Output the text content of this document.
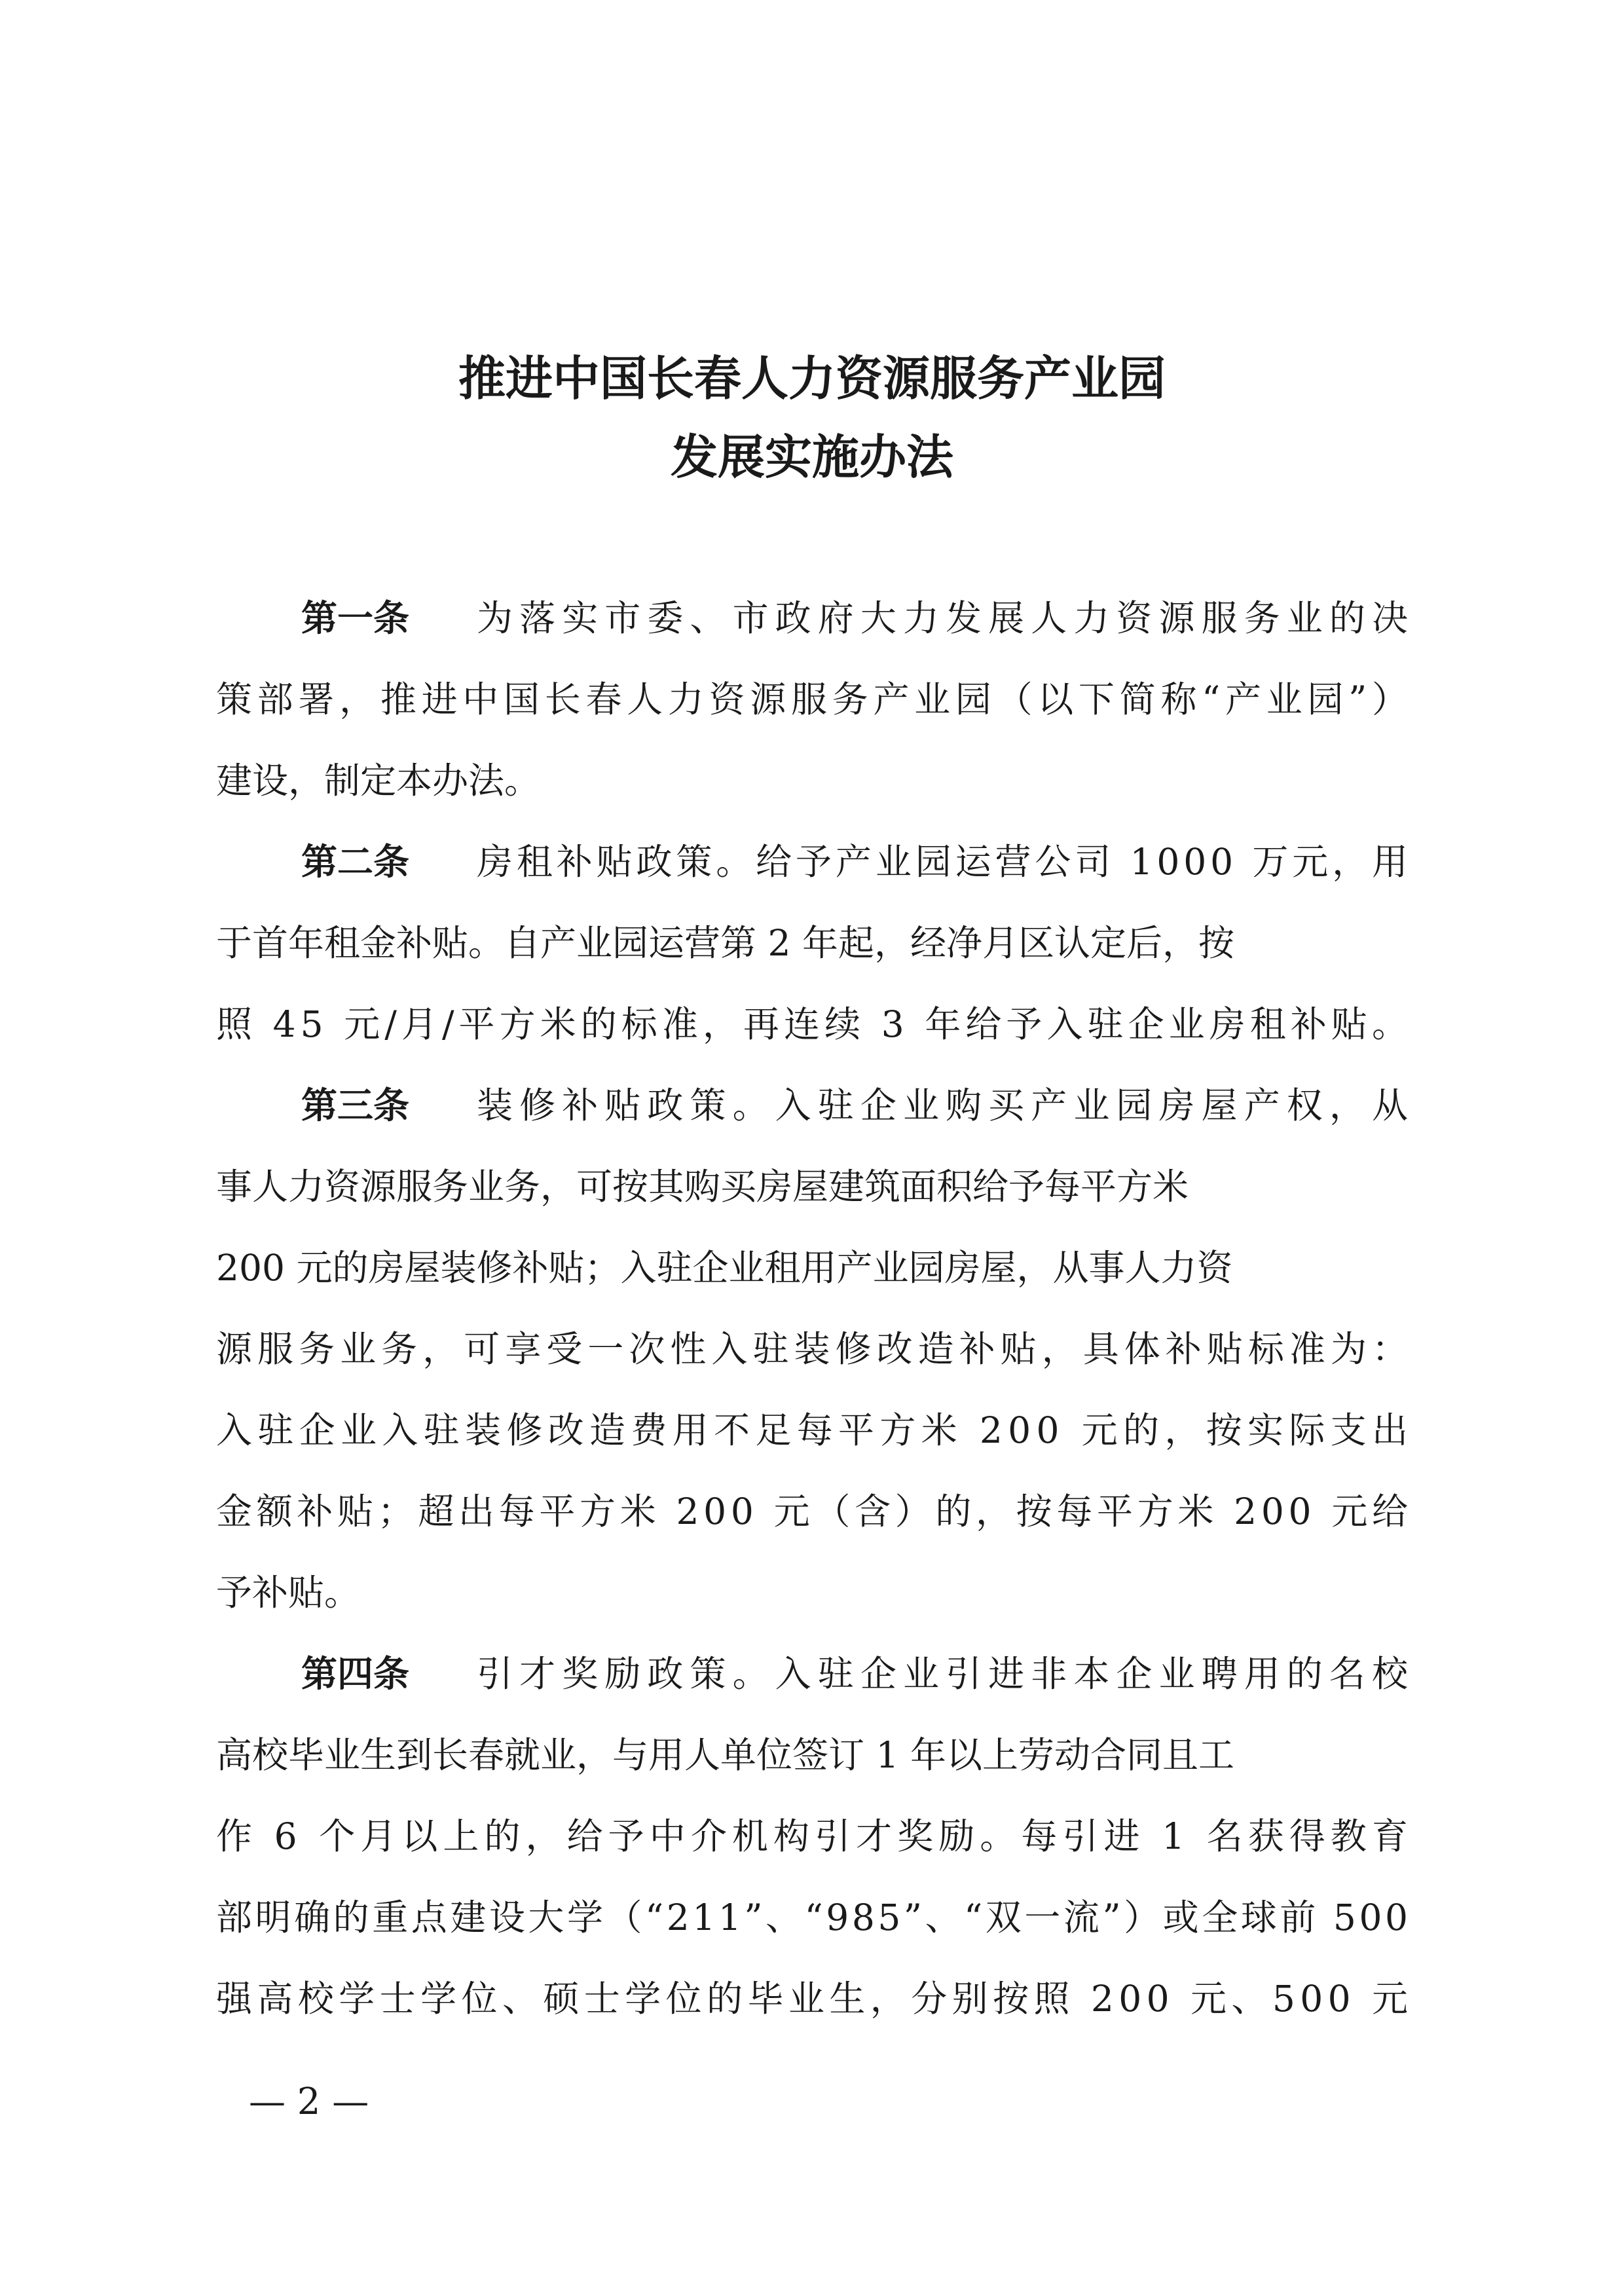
推进中国长春人力资源服务产业园
发展实施办法

第一条 为落实市委、市政府大力发展人力资源服务业的决

策部署，推进中国长春人力资源服务产业园（以下简称“产业园”）

建设，制定本办法。

第二条 房租补贴政策。给予产业园运营公司 1000 万元，用

于首年租金补贴。自产业园运营第 2 年起，经净月区认定后，按

照 45 元/月/平方米的标准，再连续 3 年给予入驻企业房租补贴。

第三条 装修补贴政策。入驻企业购买产业园房屋产权，从

事人力资源服务业务，可按其购买房屋建筑面积给予每平方米

200 元的房屋装修补贴；入驻企业租用产业园房屋，从事人力资

源服务业务，可享受一次性入驻装修改造补贴，具体补贴标准为：

入驻企业入驻装修改造费用不足每平方米 200 元的，按实际支出

金额补贴；超出每平方米 200 元（含）的，按每平方米 200 元给

予补贴。

第四条 引才奖励政策。入驻企业引进非本企业聘用的名校

高校毕业生到长春就业，与用人单位签订 1 年以上劳动合同且工

作 6 个月以上的，给予中介机构引才奖励。每引进 1 名获得教育

部明确的重点建设大学（“211”、“985”、“双一流”）或全球前 500

强高校学士学位、硕士学位的毕业生，分别按照 200 元、500 元

— 2 —
